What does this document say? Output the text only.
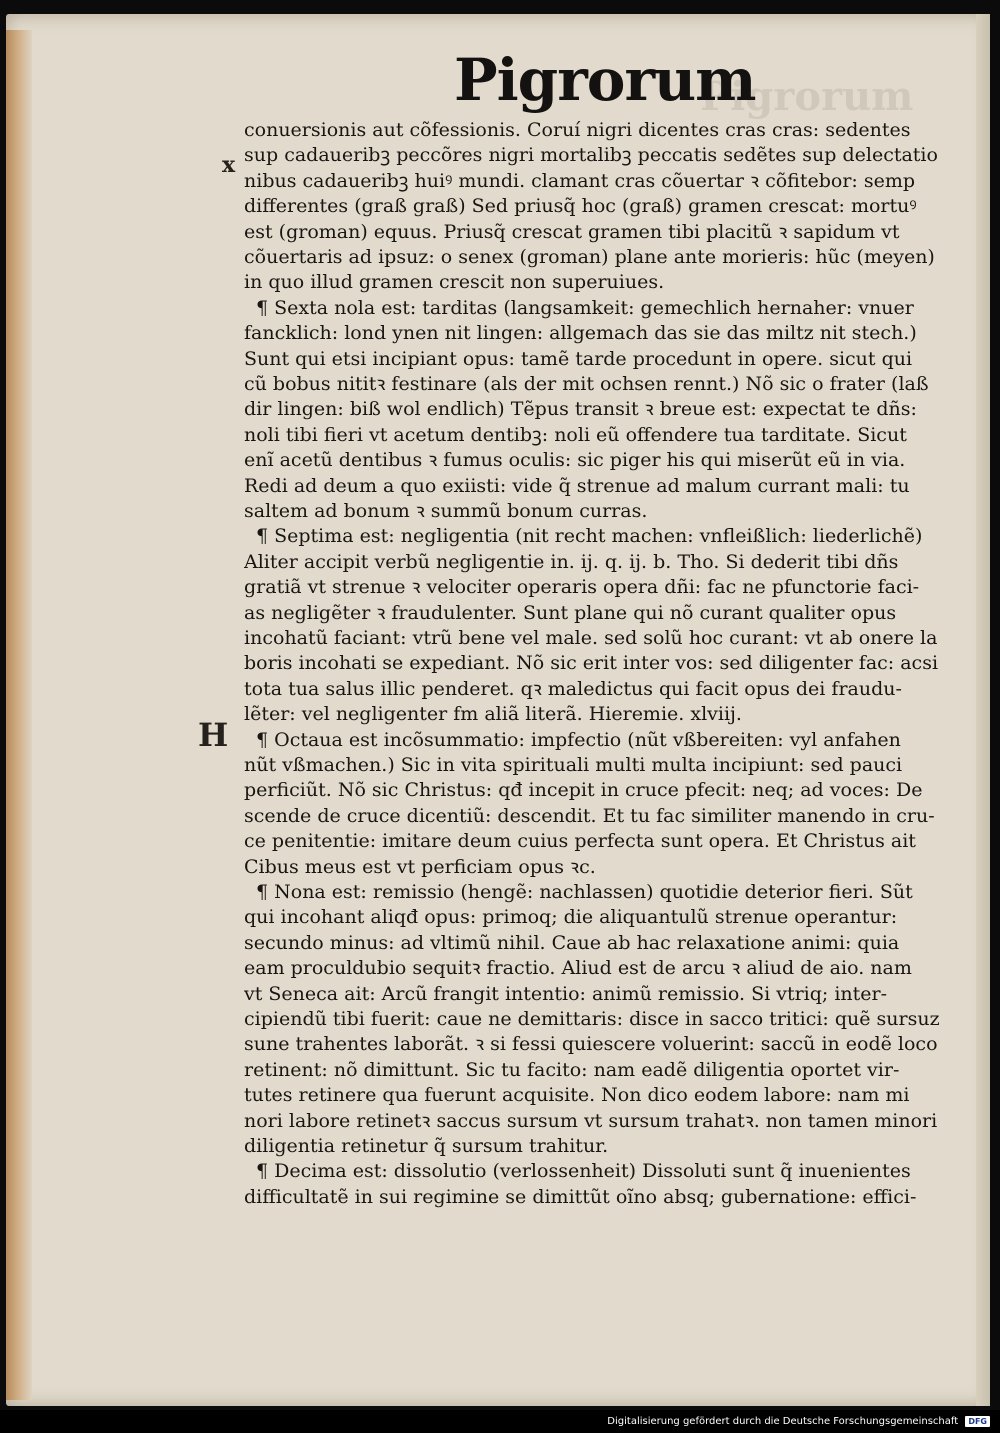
Pigrorum
Pigrorum
x
H
conuersionis aut cõfessionis. Coruí nigri dicentes cras cras: sedentes
sup cadaueribꝫ peccõres nigri mortalibꝫ peccatis sedẽtes sup delectatio
nibus cadaueribꝫ huiꝰ mundi. clamant cras cõuertar ꝛ cõfitebor: semp
differentes (graß graß) Sed priusq̃ hoc (graß) gramen crescat: mortuꝰ
est (groman) equus. Priusq̃ crescat gramen tibi placitũ ꝛ sapidum vt
cõuertaris ad ipsuz: o senex (groman) plane ante morieris: hũc (meyen)
in quo illud gramen crescit non superuiues.
¶ Sexta nola est: tarditas (langsamkeit: gemechlich hernaher: vnuer
fancklich: lond ynen nit lingen: allgemach das sie das miltz nit stech.)
Sunt qui etsi incipiant opus: tamẽ tarde procedunt in opere. sicut qui
cũ bobus nititꝛ festinare (als der mit ochsen rennt.) Nõ sic o frater (laß
dir lingen: biß wol endlich) Tẽpus transit ꝛ breue est: expectat te dñs:
noli tibi fieri vt acetum dentibꝫ: noli eũ offendere tua tarditate. Sicut
enĩ acetũ dentibus ꝛ fumus oculis: sic piger his qui miserũt eũ in via.
Redi ad deum a quo exiisti: vide q̃ strenue ad malum currant mali: tu
saltem ad bonum ꝛ summũ bonum curras.
¶ Septima est: negligentia (nit recht machen: vnfleißlich: liederlichẽ)
Aliter accipit verbũ negligentie in. ij. q. ij. b. Tho. Si dederit tibi dñs
gratiã vt strenue ꝛ velociter operaris opera dñi: fac ne pfunctorie faci-
as negligẽter ꝛ fraudulenter. Sunt plane qui nõ curant qualiter opus
incohatũ faciant: vtrũ bene vel male. sed solũ hoc curant: vt ab onere la
boris incohati se expediant. Nõ sic erit inter vos: sed diligenter fac: acsi
tota tua salus illic penderet. qꝛ maledictus qui facit opus dei fraudu-
lẽter: vel negligenter fm aliã literã. Hieremie. xlviij.
¶ Octaua est incõsummatio: impfectio (nũt vßbereiten: vyl anfahen
nũt vßmachen.) Sic in vita spirituali multi multa incipiunt: sed pauci
perficiũt. Nõ sic Christus: qđ incepit in cruce pfecit: neq; ad voces: De
scende de cruce dicentiũ: descendit. Et tu fac similiter manendo in cru-
ce penitentie: imitare deum cuius perfecta sunt opera. Et Christus ait
Cibus meus est vt perficiam opus ꝛc.
¶ Nona est: remissio (hengẽ: nachlassen) quotidie deterior fieri. Sũt
qui incohant aliqđ opus: primoq; die aliquantulũ strenue operantur:
secundo minus: ad vltimũ nihil. Caue ab hac relaxatione animi: quia
eam proculdubio sequitꝛ fractio. Aliud est de arcu ꝛ aliud de aio. nam
vt Seneca ait: Arcũ frangit intentio: animũ remissio. Si vtriq; inter-
cipiendũ tibi fuerit: caue ne demittaris: disce in sacco tritici: quẽ sursuz
sune trahentes laborãt. ꝛ si fessi quiescere voluerint: saccũ in eodẽ loco
retinent: nõ dimittunt. Sic tu facito: nam eadẽ diligentia oportet vir-
tutes retinere qua fuerunt acquisite. Non dico eodem labore: nam mi
nori labore retinetꝛ saccus sursum vt sursum trahatꝛ. non tamen minori
diligentia retinetur q̃ sursum trahitur.
¶ Decima est: dissolutio (verlossenheit) Dissoluti sunt q̃ inuenientes
difficultatẽ in sui regimine se dimittũt oĩno absq; gubernatione: effici-
Digitalisierung gefördert durch die Deutsche Forschungsgemeinschaft DFG
